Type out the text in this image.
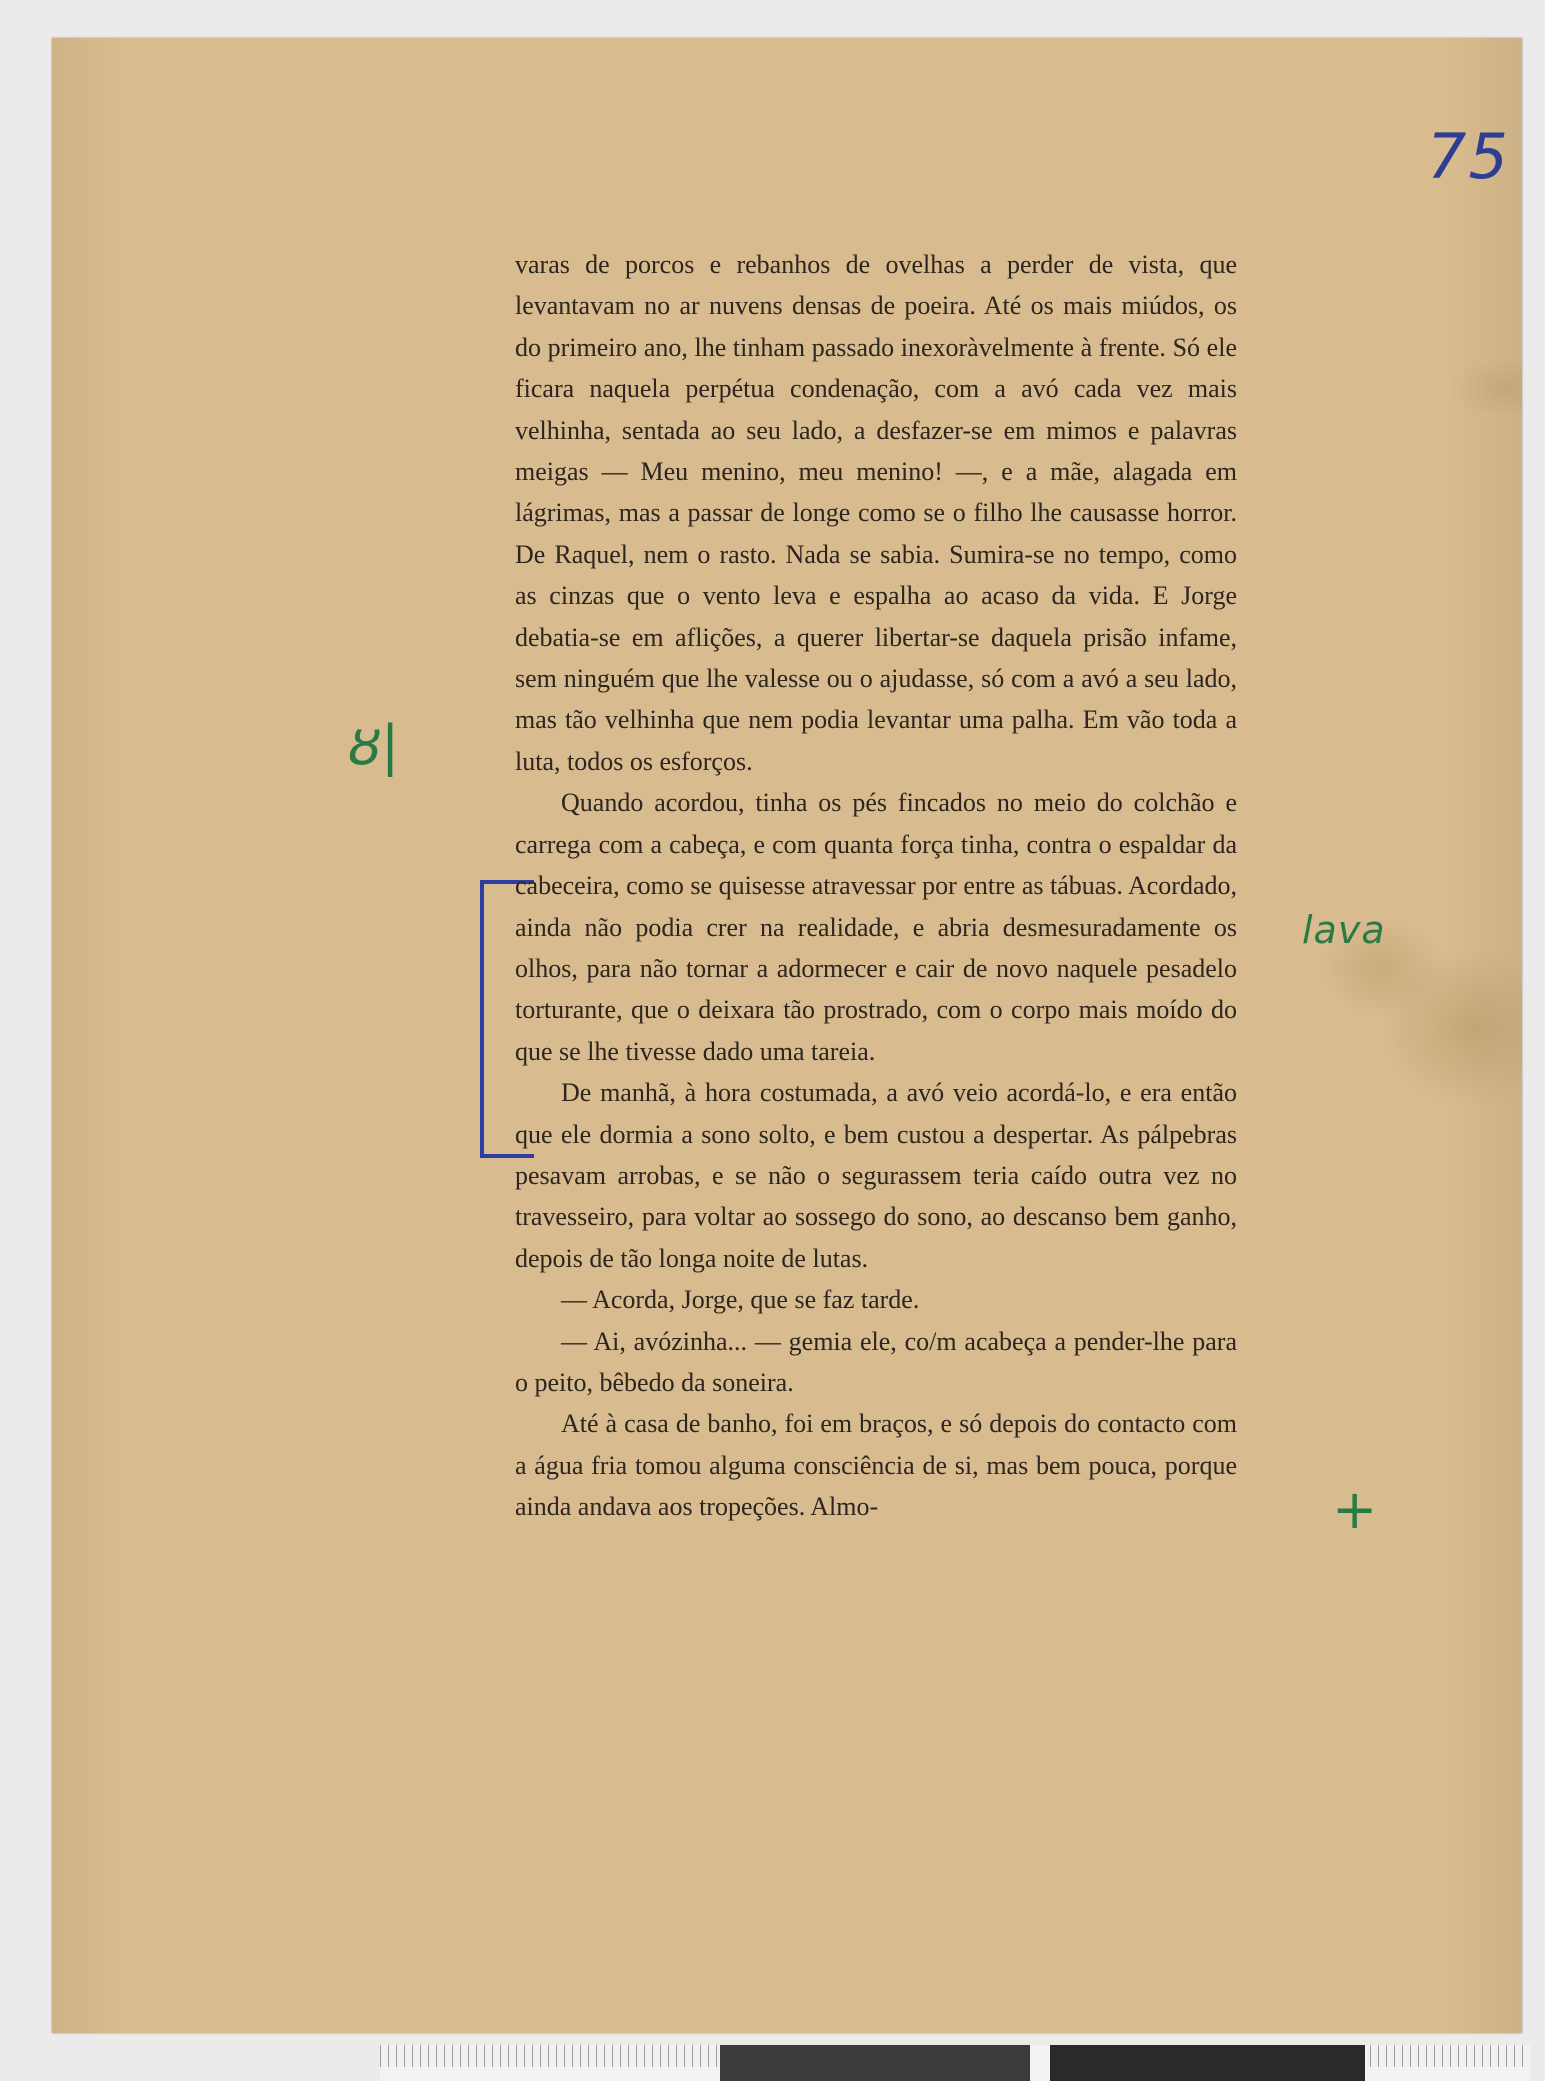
75
ȣ|
lava
+

varas de porcos e rebanhos de ovelhas a perder de vista, que levantavam no ar nuvens densas de poeira. Até os mais miúdos, os do primeiro ano, lhe tinham passado inexoràvelmente à frente. Só ele ficara naquela perpétua condenação, com a avó cada vez mais velhinha, sentada ao seu lado, a desfazer-se em mimos e palavras meigas — Meu menino, meu menino! —, e a mãe, alagada em lágrimas, mas a passar de longe como se o filho lhe causasse horror. De Raquel, nem o rasto. Nada se sabia. Sumira-se no tempo, como as cinzas que o vento leva e espalha ao acaso da vida. E Jorge debatia-se em aflições, a querer libertar-se daquela prisão infame, sem ninguém que lhe valesse ou o ajudasse, só com a avó a seu lado, mas tão velhinha que nem podia levantar uma palha. Em vão toda a luta, todos os esforços.

Quando acordou, tinha os pés fincados no meio do colchão e carrega com a cabeça, e com quanta força tinha, contra o espaldar da cabeceira, como se quisesse atravessar por entre as tábuas. Acordado, ainda não podia crer na realidade, e abria desmesuradamente os olhos, para não tornar a adormecer e cair de novo naquele pesadelo torturante, que o deixara tão prostrado, com o corpo mais moído do que se lhe tivesse dado uma tareia.

De manhã, à hora costumada, a avó veio acordá-lo, e era então que ele dormia a sono solto, e bem custou a despertar. As pálpebras pesavam arrobas, e se não o segurassem teria caído outra vez no travesseiro, para voltar ao sossego do sono, ao descanso bem ganho, depois de tão longa noite de lutas.

— Acorda, Jorge, que se faz tarde.

— Ai, avózinha... — gemia ele, co/m acabeça a pender-lhe para o peito, bêbedo da soneira.

Até à casa de banho, foi em braços, e só depois do contacto com a água fria tomou alguma consciência de si, mas bem pouca, porque ainda andava aos tropeções. Almo-
